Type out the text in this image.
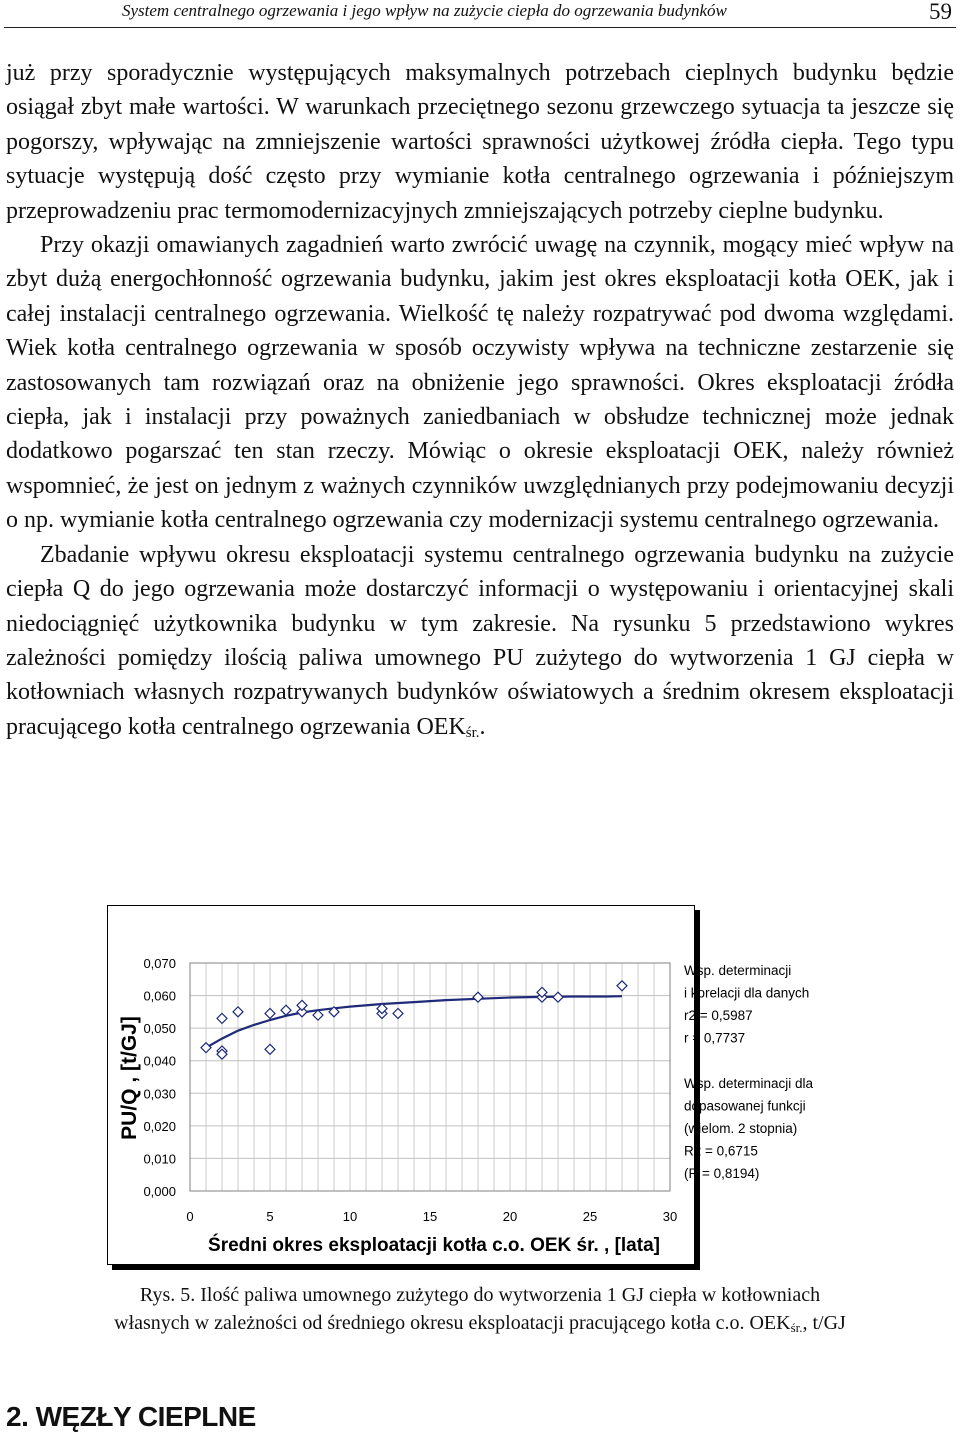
System centralnego ogrzewania i jego wpływ na zużycie ciepła do ogrzewania budynków	59

już przy sporadycznie występujących maksymalnych potrzebach cieplnych budynku będzie osiągał zbyt małe wartości. W warunkach przeciętnego sezonu grzewczego sytuacja ta jeszcze się pogorszy, wpływając na zmniejszenie wartości sprawności użytkowej źródła ciepła. Tego typu sytuacje występują dość często przy wymianie kotła centralnego ogrzewania i późniejszym przeprowadzeniu prac termomodernizacyjnych zmniejszających potrzeby cieplne budynku.

Przy okazji omawianych zagadnień warto zwrócić uwagę na czynnik, mogący mieć wpływ na zbyt dużą energochłonność ogrzewania budynku, jakim jest okres eksploatacji kotła OEK, jak i całej instalacji centralnego ogrzewania. Wielkość tę należy rozpatrywać pod dwoma względami. Wiek kotła centralnego ogrzewania w sposób oczywisty wpływa na techniczne zestarzenie się zastosowanych tam rozwiązań oraz na obniżenie jego sprawności. Okres eksploatacji źródła ciepła, jak i instalacji przy poważnych zaniedbaniach w obsłudze technicznej może jednak dodatkowo pogarszać ten stan rzeczy. Mówiąc o okresie eksploatacji OEK, należy również wspomnieć, że jest on jednym z ważnych czynników uwzględnianych przy podejmowaniu decyzji o np. wymianie kotła centralnego ogrzewania czy modernizacji systemu centralnego ogrzewania.

Zbadanie wpływu okresu eksploatacji systemu centralnego ogrzewania budynku na zużycie ciepła Q do jego ogrzewania może dostarczyć informacji o występowaniu i orientacyjnej skali niedociągnięć użytkownika budynku w tym zakresie. Na rysunku 5 przedstawiono wykres zależności pomiędzy ilością paliwa umownego PU zużytego do wytworzenia 1 GJ ciepła w kotłowniach własnych rozpatrywanych budynków oświatowych a średnim okresem eksploatacji pracującego kotła centralnego ogrzewania $OEK_{śr.}$.

0,000
0,010
0,020
0,030
0,040
0,050
0,060
0,070
0	5	10	15	20	25	30
PU/Q , [t/GJ]
Średni okres eksploatacji kotła c.o. OEK śr. , [lata]
Wsp. determinacji
i korelacji dla danych
r2 = 0,5987
r = 0,7737
Wsp. determinacji dla
dopasowanej funkcji
(wielom. 2 stopnia)
R2 = 0,6715
(R = 0,8194)
Rys. 5. Ilość paliwa umownego zużytego do wytworzenia 1 GJ ciepła w kotłowniach
własnych w zależności od średniego okresu eksploatacji pracującego kotła c.o. $OEK_{śr.}$, t/GJ
2. WĘZŁY CIEPLNE
